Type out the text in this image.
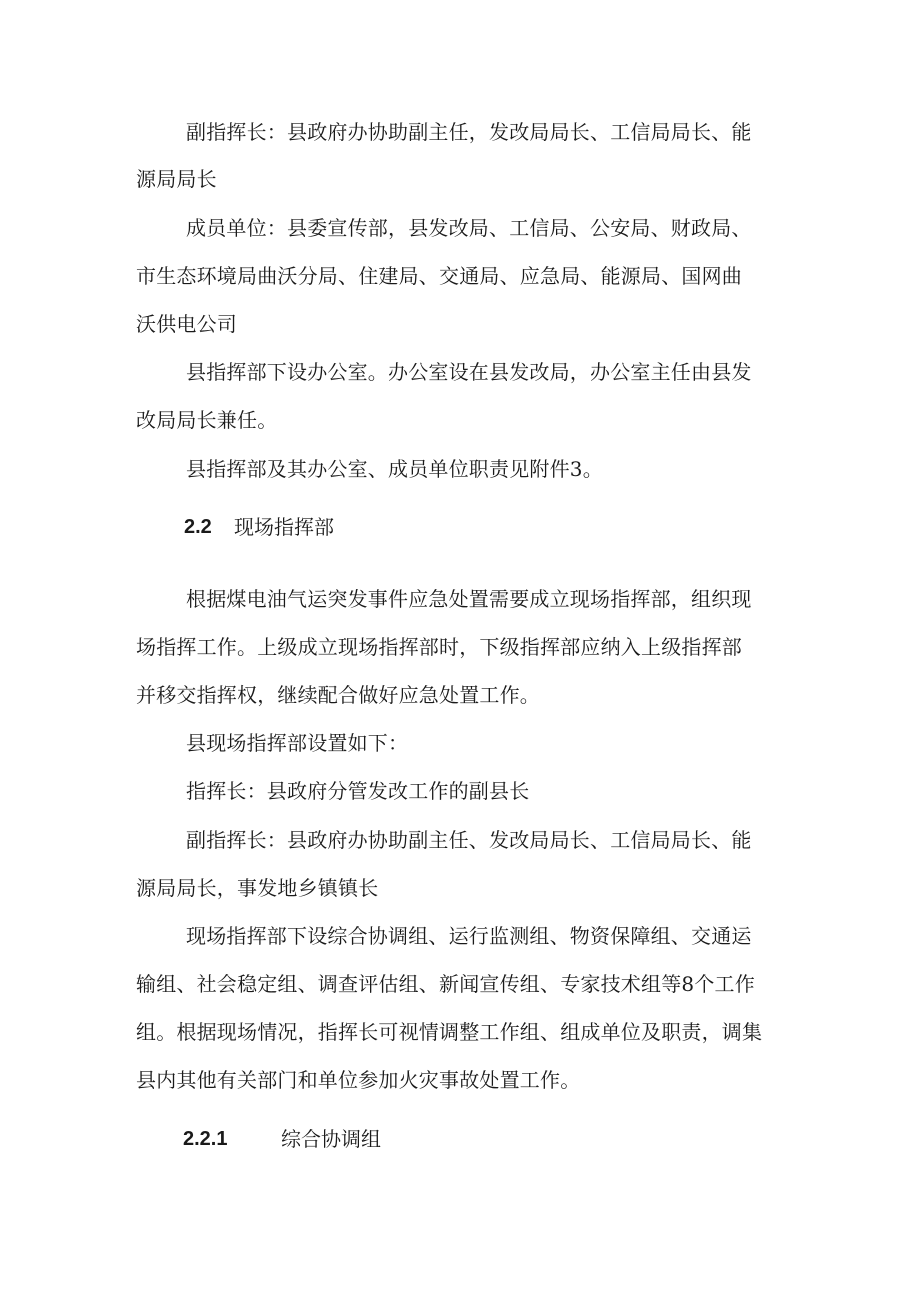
副指挥长：县政府办协助副主任，发改局局长、工信局局长、能
源局局长
成员单位：县委宣传部，县发改局、工信局、公安局、财政局、
市生态环境局曲沃分局、住建局、交通局、应急局、能源局、国网曲
沃供电公司
县指挥部下设办公室。办公室设在县发改局，办公室主任由县发
改局局长兼任。
县指挥部及其办公室、成员单位职责见附件3。
2.2 现场指挥部
根据煤电油气运突发事件应急处置需要成立现场指挥部，组织现
场指挥工作。上级成立现场指挥部时，下级指挥部应纳入上级指挥部
并移交指挥权，继续配合做好应急处置工作。
县现场指挥部设置如下：
指挥长：县政府分管发改工作的副县长
副指挥长：县政府办协助副主任、发改局局长、工信局局长、能
源局局长，事发地乡镇镇长
现场指挥部下设综合协调组、运行监测组、物资保障组、交通运
输组、社会稳定组、调查评估组、新闻宣传组、专家技术组等8个工作
组。根据现场情况，指挥长可视情调整工作组、组成单位及职责，调集
县内其他有关部门和单位参加火灾事故处置工作。
2.2.1	综合协调组
